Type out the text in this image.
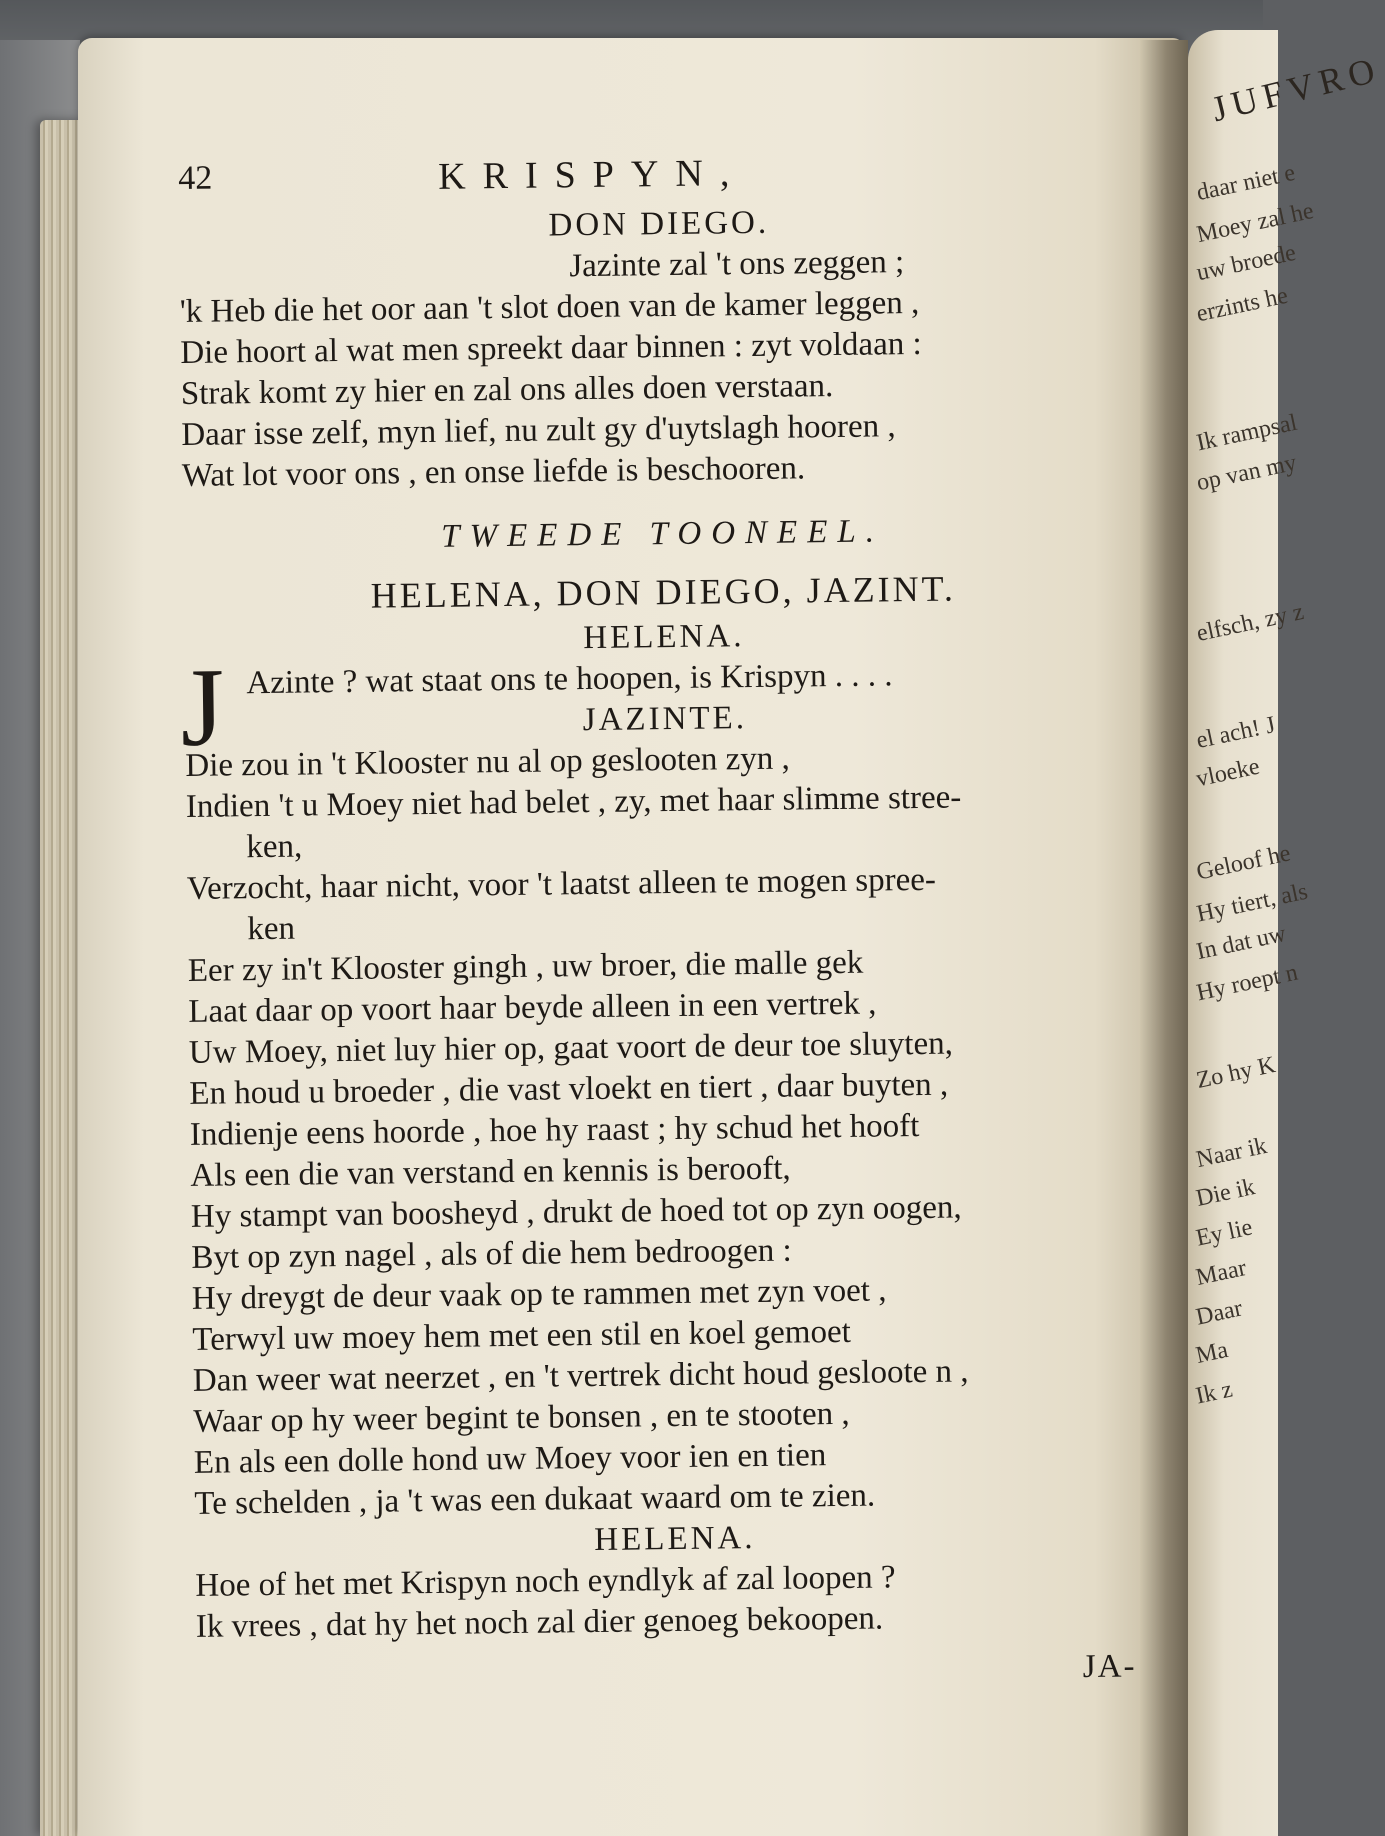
JUFVRO
daar niet e
Moey zal he
uw broede
erzints he
Ik rampsal
op van my
elfsch, zy z
el ach! J
vloeke
Geloof he
Hy tiert, als
In dat uw
Hy roept n
Zo hy K
Naar ik
Die ik
Ey lie
Maar
Daar
Ma
Ik z
42	KRISPYN,
DON DIEGO.
Jazinte zal 't ons zeggen ;
'k Heb die het oor aan 't slot doen van de kamer leggen ,
Die hoort al wat men spreekt daar binnen : zyt voldaan :
Strak komt zy hier en zal ons alles doen verstaan.
Daar isse zelf, myn lief, nu zult gy d'uytslagh hooren ,
Wat lot voor ons , en onse liefde is beschooren.
TWEEDE TOONEEL.
HELENA, DON DIEGO, JAZINT.
HELENA.
J Azinte ? wat staat ons te hoopen, is Krispyn . . . .
JAZINTE.
Die zou in 't Klooster nu al op geslooten zyn ,
Indien 't u Moey niet had belet , zy, met haar slimme stree-
ken,
Verzocht, haar nicht, voor 't laatst alleen te mogen spree-
ken
Eer zy in't Klooster gingh , uw broer, die malle gek
Laat daar op voort haar beyde alleen in een vertrek ,
Uw Moey, niet luy hier op, gaat voort de deur toe sluyten,
En houd u broeder , die vast vloekt en tiert , daar buyten ,
Indienje eens hoorde , hoe hy raast ; hy schud het hooft
Als een die van verstand en kennis is berooft,
Hy stampt van boosheyd , drukt de hoed tot op zyn oogen,
Byt op zyn nagel , als of die hem bedroogen :
Hy dreygt de deur vaak op te rammen met zyn voet ,
Terwyl uw moey hem met een stil en koel gemoet
Dan weer wat neerzet , en 't vertrek dicht houd gesloote n ,
Waar op hy weer begint te bonsen , en te stooten ,
En als een dolle hond uw Moey voor ien en tien
Te schelden , ja 't was een dukaat waard om te zien.
HELENA.
Hoe of het met Krispyn noch eyndlyk af zal loopen ?
Ik vrees , dat hy het noch zal dier genoeg bekoopen.
JA-
